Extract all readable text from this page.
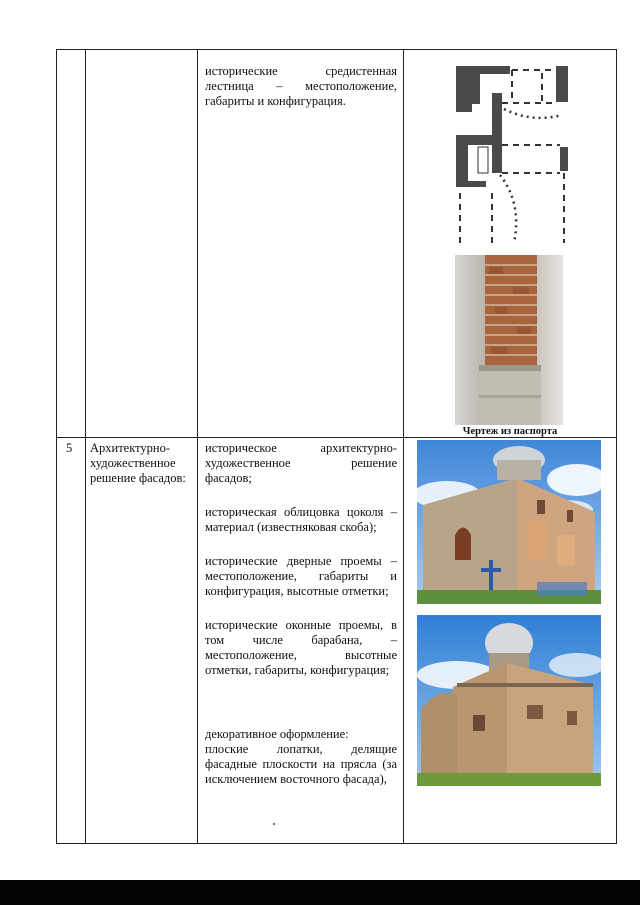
исторические средистенная

лестница – местоположение,

габариты и конфигурация.

Чертеж из паспорта
5	Архитектурно-

художественное

решение фасадов:

историческое архитектурно-

художественное решение

фасадов;

историческая облицовка цоколя –

материал (известняковая скоба);

исторические дверные проемы –

местоположение, габариты и

конфигурация, высотные отметки;

исторические оконные проемы, в

том числе барабана, –

местоположение, высотные

отметки, габариты, конфигурация;

декоративное оформление:

плоские лопатки, делящие

фасадные плоскости на прясла (за

исключением восточного фасада),
